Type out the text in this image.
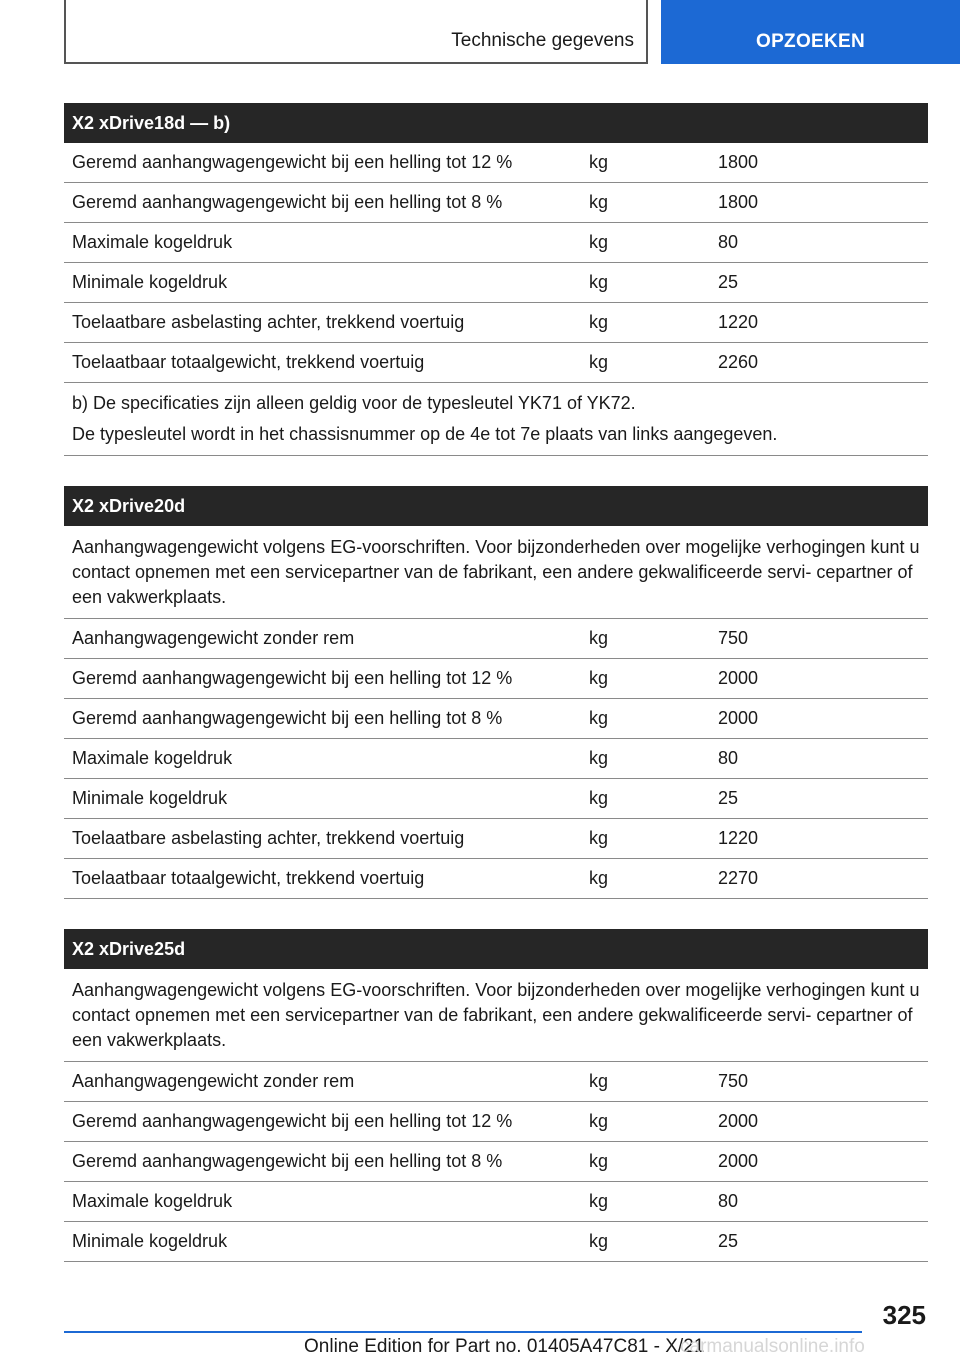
Technische gegevens	OPZOEKEN
X2 xDrive18d — b)
Geremd aanhangwagengewicht bij een helling tot 12 %	kg	1800
Geremd aanhangwagengewicht bij een helling tot 8 %	kg	1800
Maximale kogeldruk	kg	80
Minimale kogeldruk	kg	25
Toelaatbare asbelasting achter, trekkend voertuig	kg	1220
Toelaatbaar totaalgewicht, trekkend voertuig	kg	2260

b) De specificaties zijn alleen geldig voor de typesleutel YK71 of YK72.

De typesleutel wordt in het chassisnummer op de 4e tot 7e plaats van links aangegeven.

X2 xDrive20d
Aanhangwagengewicht volgens EG-voorschriften. Voor bijzonderheden over mogelijke verhogingen kunt u contact opnemen met een servicepartner van de fabrikant, een andere gekwalificeerde servi‐ cepartner of een vakwerkplaats.
Aanhangwagengewicht zonder rem	kg	750
Geremd aanhangwagengewicht bij een helling tot 12 %	kg	2000
Geremd aanhangwagengewicht bij een helling tot 8 %	kg	2000
Maximale kogeldruk	kg	80
Minimale kogeldruk	kg	25
Toelaatbare asbelasting achter, trekkend voertuig	kg	1220
Toelaatbaar totaalgewicht, trekkend voertuig	kg	2270
X2 xDrive25d
Aanhangwagengewicht volgens EG-voorschriften. Voor bijzonderheden over mogelijke verhogingen kunt u contact opnemen met een servicepartner van de fabrikant, een andere gekwalificeerde servi‐ cepartner of een vakwerkplaats.
Aanhangwagengewicht zonder rem	kg	750
Geremd aanhangwagengewicht bij een helling tot 12 %	kg	2000
Geremd aanhangwagengewicht bij een helling tot 8 %	kg	2000
Maximale kogeldruk	kg	80
Minimale kogeldruk	kg	25
325
Online Edition for Part no. 01405A47C81 - X/21
carmanualsonline.info
